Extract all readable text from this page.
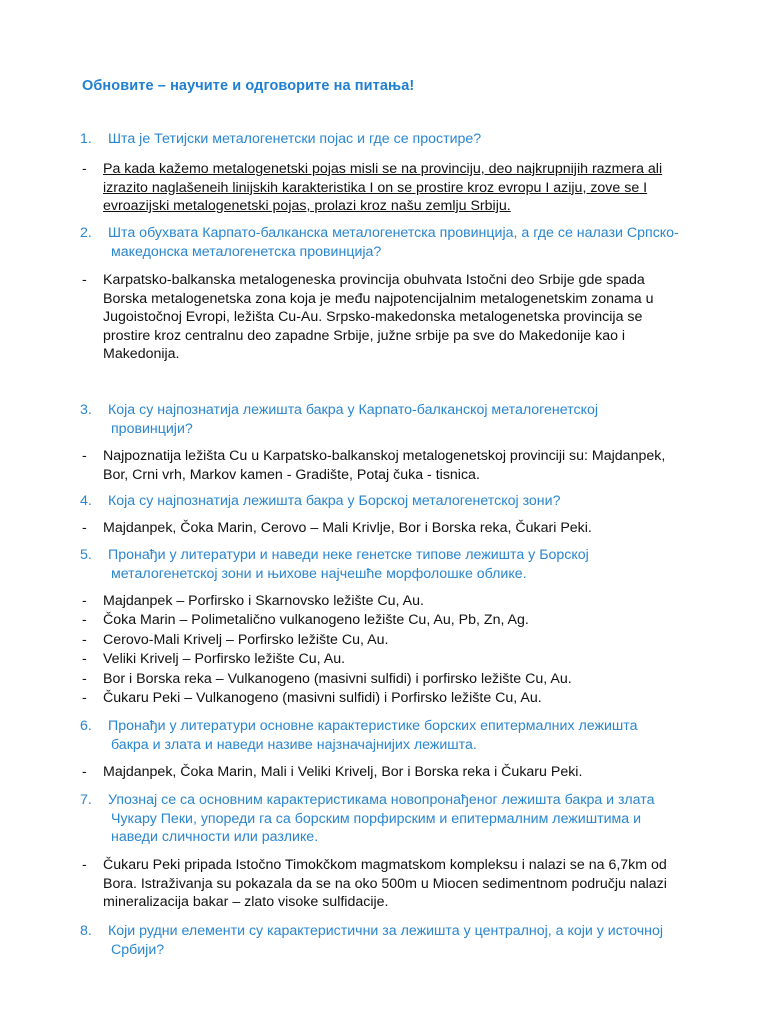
Обновите – научите и одговорите на питања!
1. Шта је Тетијски металогенетски појас и где се простире?
- Pa kada kažemo metalogenetski pojas misli se na provinciju, deo najkrupnijih razmera ali
izrazito naglašeneih linijskih karakteristika I on se prostire kroz evropu I aziju, zove se I
evroazijski metalogenetski pojas, prolazi kroz našu zemlju Srbiju.
2. Шта обухвата Карпато-балканска металогенетска провинција, а где се налази Српско-
македонска металогенетска провинција?
- Karpatsko-balkanska metalogeneska provincija obuhvata Istočni deo Srbije gde spada
Borska metalogenetska zona koja je među najpotencijalnim metalogenetskim zonama u
Jugoistočnoj Evropi, ležišta Cu-Au. Srpsko-makedonska metalogenetska provincija se
prostire kroz centralnu deo zapadne Srbije, južne srbije pa sve do Makedonije kao i
Makedonija.
3. Која су најпознатија лежишта бакра у Карпато-балканској металогенетској
провинцији?
- Najpoznatija ležišta Cu u Karpatsko-balkanskoj metalogenetskoj provinciji su: Majdanpek,
Bor, Crni vrh, Markov kamen - Gradište, Potaj čuka - tisnica.
4. Која су најпознатија лежишта бакра у Борској металогенетској зони?
- Majdanpek, Čoka Marin, Cerovo – Mali Krivlje, Bor i Borska reka, Čukari Peki.
5. Пронађи у литератури и наведи неке генетске типове лежишта у Борској
металогенетској зони и њихове најчешће морфолошке облике.
- Majdanpek – Porfirsko i Skarnovsko ležište Cu, Au.
- Čoka Marin – Polimetalično vulkanogeno ležište Cu, Au, Pb, Zn, Ag.
- Cerovo-Mali Krivelj – Porfirsko ležište Cu, Au.
- Veliki Krivelj – Porfirsko ležište Cu, Au.
- Bor i Borska reka – Vulkanogeno (masivni sulfidi) i porfirsko ležište Cu, Au.
- Čukaru Peki – Vulkanogeno (masivni sulfidi) i Porfirsko ležište Cu, Au.
6. Пронађи у литератури основне карактеристике борских епитермалних лежишта
бакра и злата и наведи називе најзначајнијих лежишта.
- Majdanpek, Čoka Marin, Mali i Veliki Krivelj, Bor i Borska reka i Čukaru Peki.
7. Упознај се са основним карактеристикама новопронађеног лежишта бакра и злата
Чукару Пеки, упореди га са борским порфирским и епитермалним лежиштима и
наведи сличности или разлике.
- Čukaru Peki pripada Istočno Timokčkom magmatskom kompleksu i nalazi se na 6,7km od
Bora. Istraživanja su pokazala da se na oko 500m u Miocen sedimentnom području nalazi
mineralizacija bakar – zlato visoke sulfidacije.
8. Који рудни елементи су карактеристични за лежишта у централној, а који у источној
Србији?
